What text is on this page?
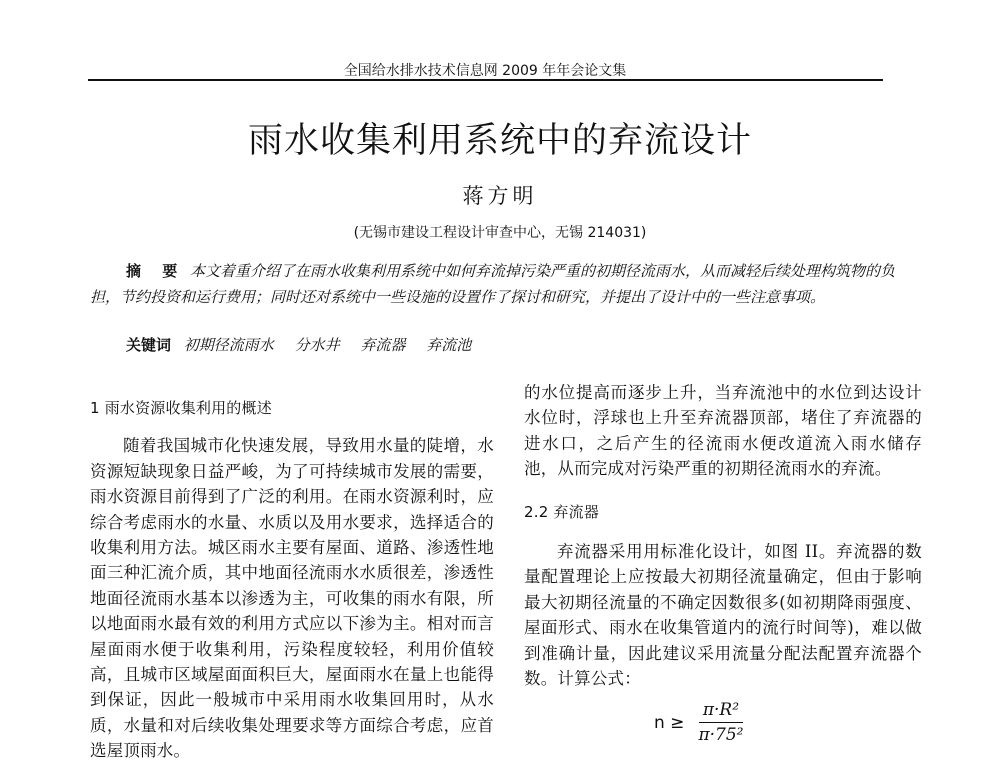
全国给水排水技术信息网 2009 年年会论文集
雨水收集利用系统中的弃流设计
蒋方明
(无锡市建设工程设计审查中心，无锡 214031)
摘 要 本文着重介绍了在雨水收集利用系统中如何弃流掉污染严重的初期径流雨水，从而减轻后续处理构筑物的负担，节约投资和运行费用；同时还对系统中一些设施的设置作了探讨和研究，并提出了设计中的一些注意事项。
关键词 初期径流雨水 分水井 弃流器 弃流池
1 雨水资源收集利用的概述

随着我国城市化快速发展，导致用水量的陡增，水资源短缺现象日益严峻，为了可持续城市发展的需要，雨水资源目前得到了广泛的利用。在雨水资源利时，应综合考虑雨水的水量、水质以及用水要求，选择适合的收集利用方法。城区雨水主要有屋面、道路、渗透性地面三种汇流介质，其中地面径流雨水水质很差，渗透性地面径流雨水基本以渗透为主，可收集的雨水有限，所以地面雨水最有效的利用方式应以下渗为主。相对而言屋面雨水便于收集利用，污染程度较轻，利用价值较高，且城市区域屋面面积巨大，屋面雨水在量上也能得到保证，因此一般城市中采用雨水收集回用时，从水质，水量和对后续收集处理要求等方面综合考虑，应首选屋顶雨水。

的水位提高而逐步上升，当弃流池中的水位到达设计水位时，浮球也上升至弃流器顶部，堵住了弃流器的进水口，之后产生的径流雨水便改道流入雨水储存池，从而完成对污染严重的初期径流雨水的弃流。

2.2 弃流器

弃流器采用用标准化设计，如图 II。弃流器的数量配置理论上应按最大初期径流量确定，但由于影响最大初期径流量的不确定因数很多(如初期降雨强度、屋面形式、雨水在收集管道内的流行时间等)，难以做到准确计量，因此建议采用流量分配法配置弃流器个数。计算公式：

$n \ge \frac{\text{π·R²}}{\text{π·75²}}$
